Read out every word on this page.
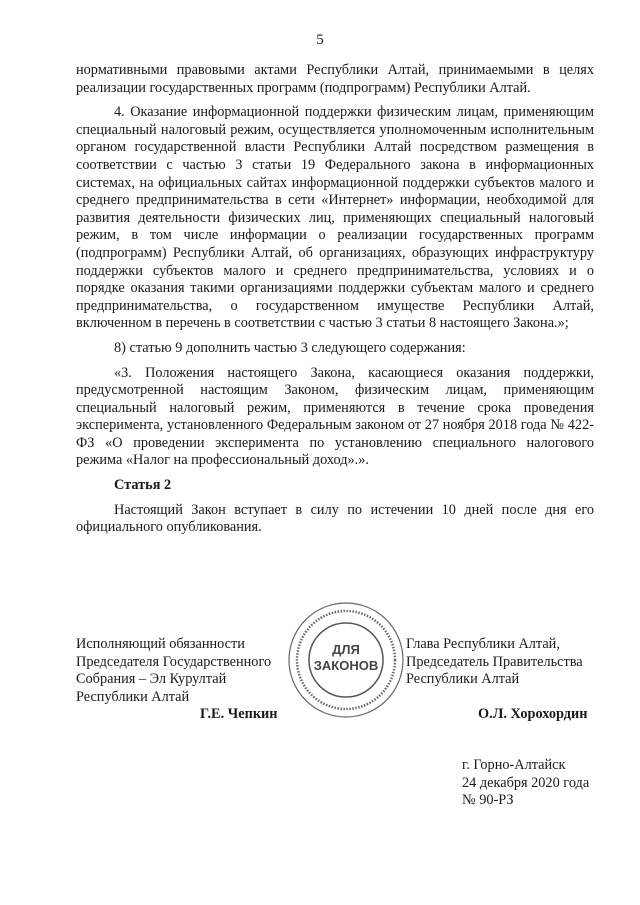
5

нормативными правовыми актами Республики Алтай, принимаемыми в целях реализации государственных программ (подпрограмм) Республики Алтай.

4. Оказание информационной поддержки физическим лицам, применяющим специальный налоговый режим, осуществляется уполномоченным исполнительным органом государственной власти Республики Алтай посредством размещения в соответствии с частью 3 статьи 19 Федерального закона в информационных системах, на официальных сайтах информационной поддержки субъектов малого и среднего предпринимательства в сети «Интернет» информации, необходимой для развития деятельности физических лиц, применяющих специальный налоговый режим, в том числе информации о реализации государственных программ (подпрограмм) Республики Алтай, об организациях, образующих инфраструктуру поддержки субъектов малого и среднего предпринимательства, условиях и о порядке оказания такими организациями поддержки субъектам малого и среднего предпринимательства, о государственном имуществе Республики Алтай, включенном в перечень в соответствии с частью 3 статьи 8 настоящего Закона.»;

8) статью 9 дополнить частью 3 следующего содержания:

«3. Положения настоящего Закона, касающиеся оказания поддержки, предусмотренной настоящим Законом, физическим лицам, применяющим специальный налоговый режим, применяются в течение срока проведения эксперимента, установленного Федеральным законом от 27 ноября 2018 года № 422-ФЗ «О проведении эксперимента по установлению специального налогового режима «Налог на профессиональный доход».».

Статья 2

Настоящий Закон вступает в силу по истечении 10 дней после дня его официального опубликования.

ДЛЯ
ЗАКОНОВ
Исполняющий обязанности
Председателя Государственного
Собрания – Эл Курултай
Республики Алтай
Г.Е. Чепкин
Глава Республики Алтай,
Председатель Правительства
Республики Алтай
О.Л. Хорохордин
г. Горно-Алтайск
24 декабря 2020 года
№ 90-РЗ
